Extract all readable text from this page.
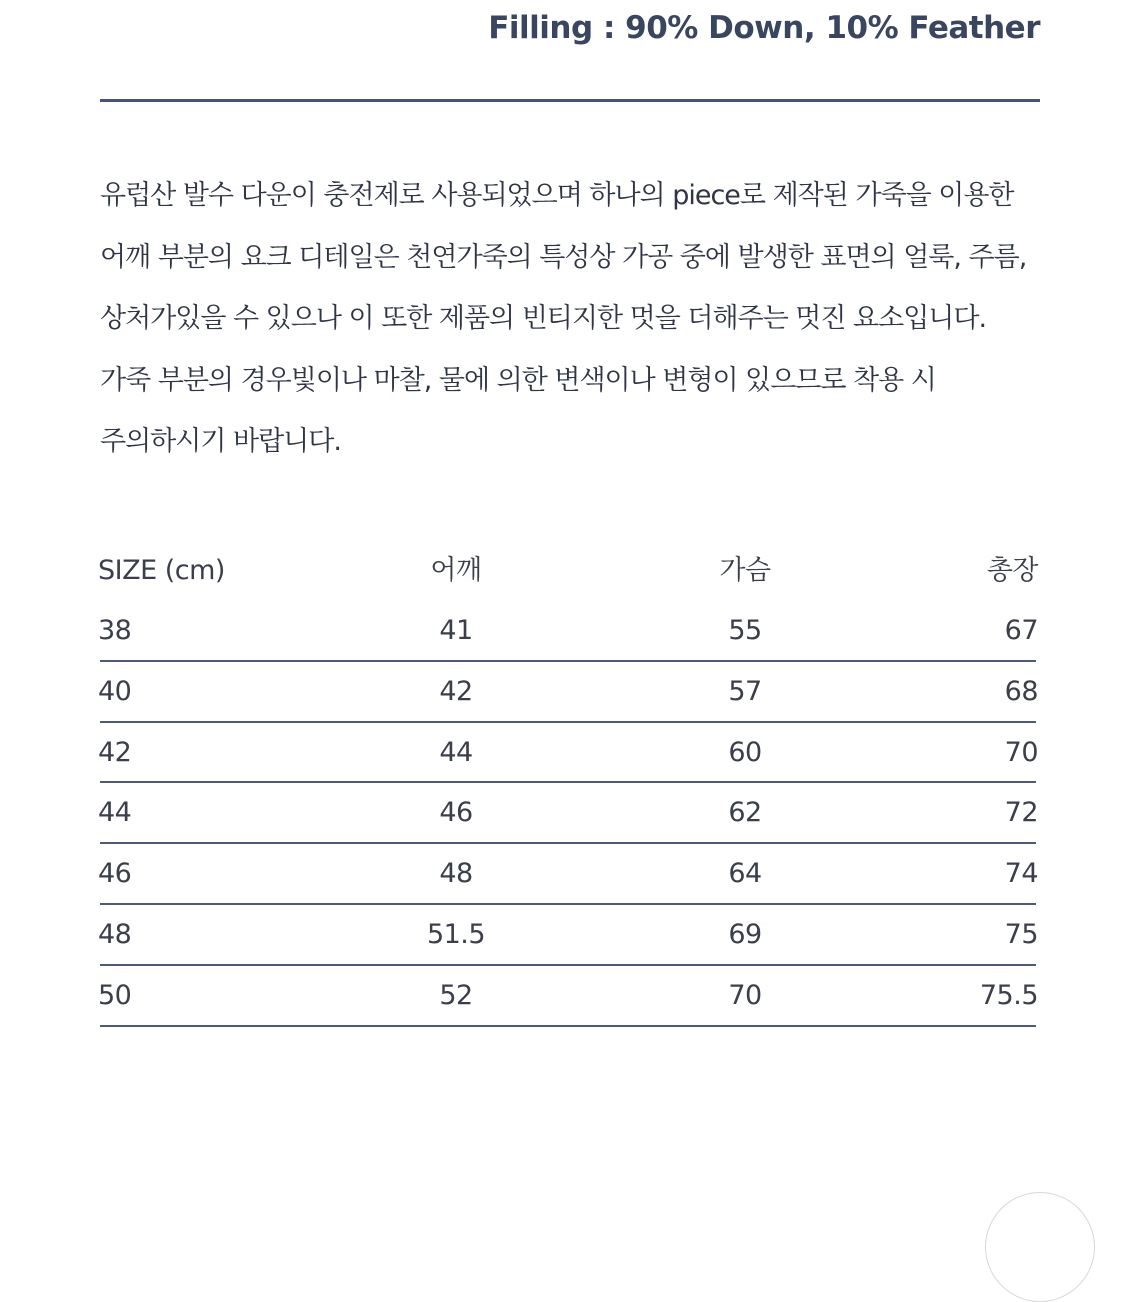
Filling : 90% Down, 10% Feather
유럽산 발수 다운이 충전제로 사용되었으며 하나의 piece로 제작된 가죽을 이용한
어깨 부분의 요크 디테일은 천연가죽의 특성상 가공 중에 발생한 표면의 얼룩, 주름,
상처가있을 수 있으나 이 또한 제품의 빈티지한 멋을 더해주는 멋진 요소입니다.
가죽 부분의 경우빛이나 마찰, 물에 의한 변색이나 변형이 있으므로 착용 시
주의하시기 바랍니다.
SIZE (cm)	어깨	가슴	총장
38	41	55	67
40	42	57	68
42	44	60	70
44	46	62	72
46	48	64	74
48	51.5	69	75
50	52	70	75.5
